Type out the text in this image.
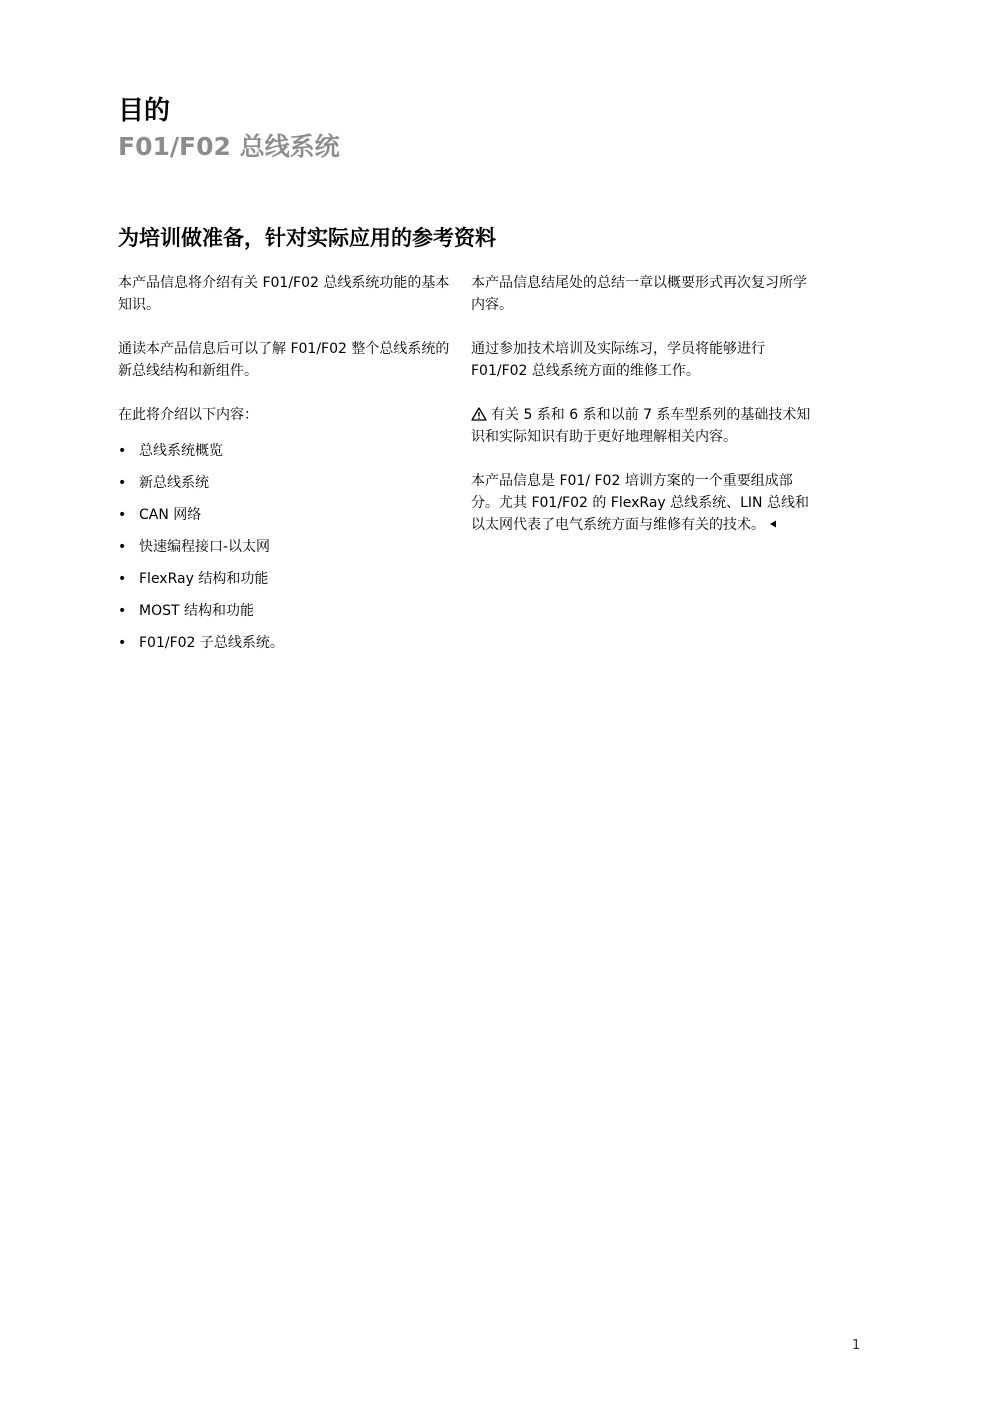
目的
F01/F02 总线系统
为培训做准备，针对实际应用的参考资料

本产品信息将介绍有关 F01/F02 总线系统功能的基本知识。

通读本产品信息后可以了解 F01/F02 整个总线系统的新总线结构和新组件。

在此将介绍以下内容：

• 总线系统概览
• 新总线系统
• CAN 网络
• 快速编程接口-以太网
• FlexRay 结构和功能
• MOST 结构和功能
• F01/F02 子总线系统。

本产品信息结尾处的总结一章以概要形式再次复习所学内容。

通过参加技术培训及实际练习，学员将能够进行 F01/F02 总线系统方面的维修工作。

有关 5 系和 6 系和以前 7 系车型系列的基础技术知识和实际知识有助于更好地理解相关内容。

本产品信息是 F01/ F02 培训方案的一个重要组成部分。尤其 F01/F02 的 FlexRay 总线系统、LIN 总线和以太网代表了电气系统方面与维修有关的技术。

1
